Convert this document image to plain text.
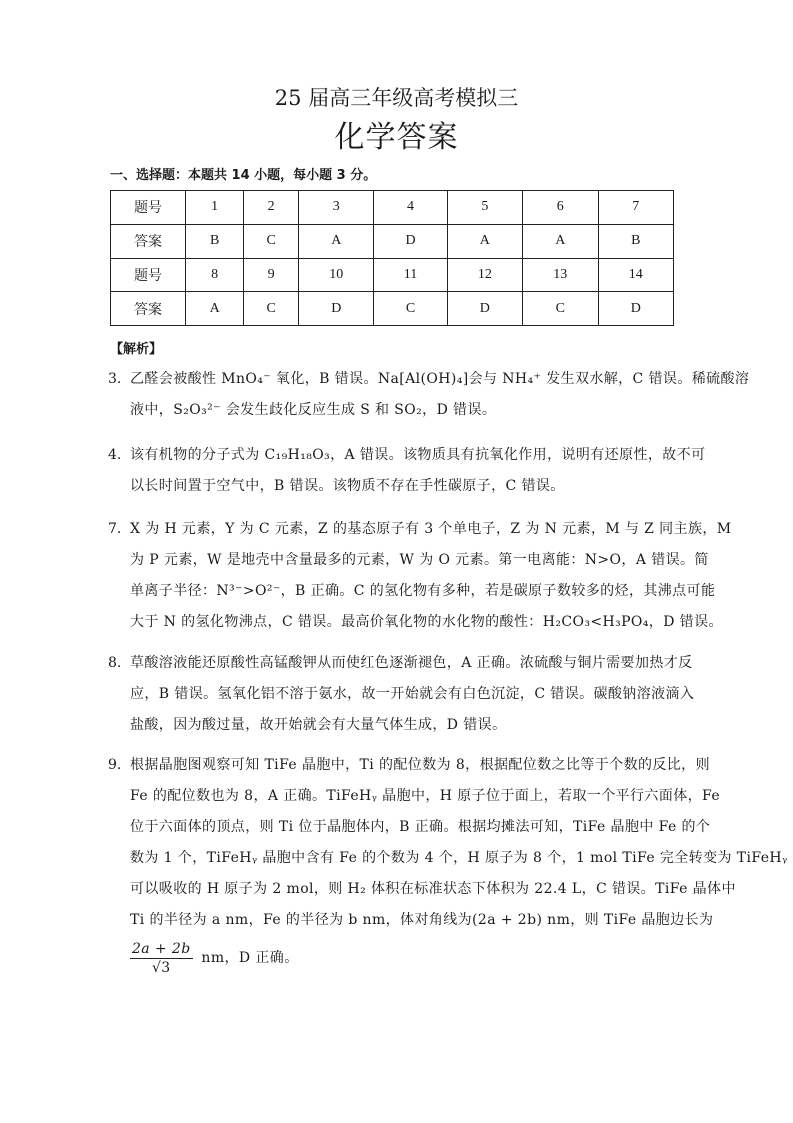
25 届高三年级高考模拟三
化学答案
一、选择题：本题共 14 小题，每小题 3 分。
题号	1	2	3	4	5	6	7
答案	B	C	A	D	A	A	B
题号	8	9	10	11	12	13	14
答案	A	C	D	C	D	C	D
【解析】
3. 乙醛会被酸性 MnO₄⁻ 氧化，B 错误。Na[Al(OH)₄]会与 NH₄⁺ 发生双水解，C 错误。稀硫酸溶
液中，S₂O₃²⁻ 会发生歧化反应生成 S 和 SO₂，D 错误。
4. 该有机物的分子式为 C₁₉H₁₈O₃，A 错误。该物质具有抗氧化作用，说明有还原性，故不可
以长时间置于空气中，B 错误。该物质不存在手性碳原子，C 错误。
7. X 为 H 元素，Y 为 C 元素，Z 的基态原子有 3 个单电子，Z 为 N 元素，M 与 Z 同主族，M
为 P 元素，W 是地壳中含量最多的元素，W 为 O 元素。第一电离能：N>O，A 错误。简
单离子半径：N³⁻>O²⁻，B 正确。C 的氢化物有多种，若是碳原子数较多的烃，其沸点可能
大于 N 的氢化物沸点，C 错误。最高价氧化物的水化物的酸性：H₂CO₃<H₃PO₄，D 错误。
8. 草酸溶液能还原酸性高锰酸钾从而使红色逐渐褪色，A 正确。浓硫酸与铜片需要加热才反
应，B 错误。氢氧化铝不溶于氨水，故一开始就会有白色沉淀，C 错误。碳酸钠溶液滴入
盐酸，因为酸过量，故开始就会有大量气体生成，D 错误。
9. 根据晶胞图观察可知 TiFe 晶胞中，Ti 的配位数为 8，根据配位数之比等于个数的反比，则
Fe 的配位数也为 8，A 正确。TiFeHᵧ 晶胞中，H 原子位于面上，若取一个平行六面体，Fe
位于六面体的顶点，则 Ti 位于晶胞体内，B 正确。根据均摊法可知，TiFe 晶胞中 Fe 的个
数为 1 个，TiFeHᵧ 晶胞中含有 Fe 的个数为 4 个，H 原子为 8 个，1 mol TiFe 完全转变为 TiFeHᵧ
可以吸收的 H 原子为 2 mol，则 H₂ 体积在标准状态下体积为 22.4 L，C 错误。TiFe 晶体中
Ti 的半径为 a nm，Fe 的半径为 b nm，体对角线为(2a + 2b) nm，则 TiFe 晶胞边长为
$\frac{2a + 2b}{√3}$ nm，D 正确。
